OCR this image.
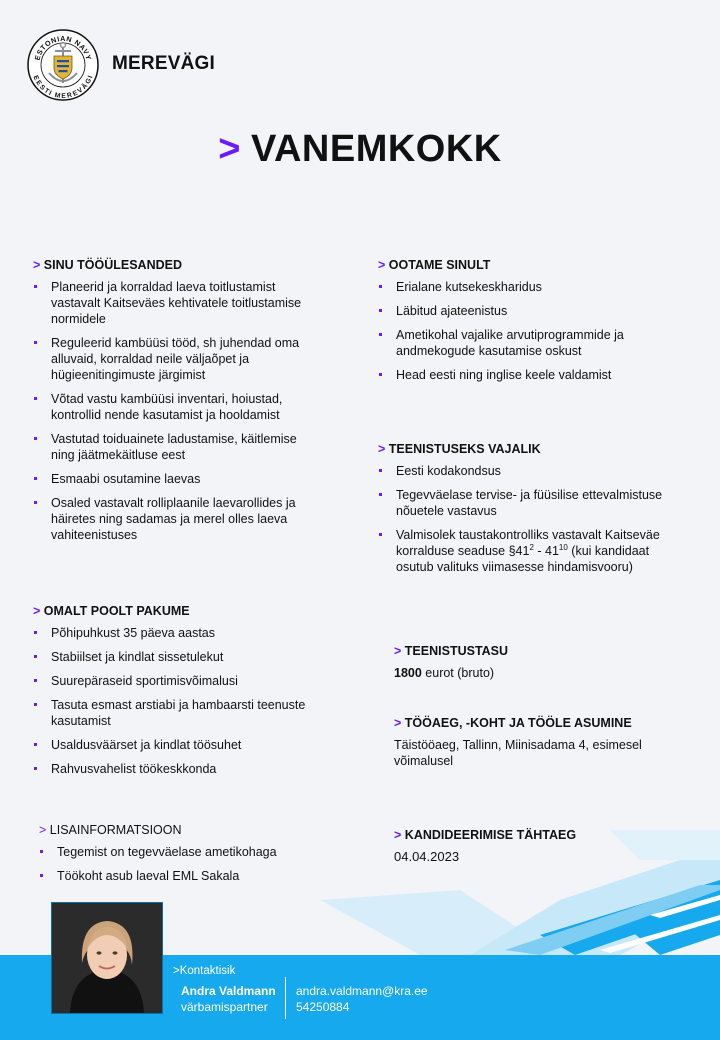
ESTONIAN NAVY
EESTI MEREVÄGI
MEREVÄGI
> VANEMKOKK
> SINU TÖÖÜLESANDED
Planeerid ja korraldad laeva toitlustamist vastavalt Kaitseväes kehtivatele toitlustamise normidele
Reguleerid kambüüsi tööd, sh juhendad oma alluvaid, korraldad neile väljaõpet ja hügieenitingimuste järgimist
Võtad vastu kambüüsi inventari, hoiustad, kontrollid nende kasutamist ja hooldamist
Vastutad toiduainete ladustamise, käitlemise ning jäätmekäitluse eest
Esmaabi osutamine laevas
Osaled vastavalt rolliplaanile laevarollides ja häiretes ning sadamas ja merel olles laeva vahiteenistuses
> OOTAME SINULT
Erialane kutsekeskharidus
Läbitud ajateenistus
Ametikohal vajalike arvutiprogrammide ja andmekogude kasutamise oskust
Head eesti ning inglise keele valdamist
> TEENISTUSEKS VAJALIK
Eesti kodakondsus
Tegevväelase tervise- ja füüsilise ettevalmistuse nõuetele vastavus
Valmisolek taustakontrolliks vastavalt Kaitseväe korralduse seaduse $\S 41^2 - 41^{10}$ (kui kandidaat osutub valituks viimasesse hindamisvooru)
> OMALT POOLT PAKUME
Põhipuhkust 35 päeva aastas
Stabiilset ja kindlat sissetulekut
Suurepäraseid sportimisvõimalusi
Tasuta esmast arstiabi ja hambaarsti teenuste kasutamist
Usaldusväärset ja kindlat töösuhet
Rahvusvahelist töökeskkonda
> TEENISTUSTASU
1800 eurot (bruto)
> TÖÖAEG, -KOHT JA TÖÖLE ASUMINE
Täistööaeg, Tallinn, Miinisadama 4, esimesel võimalusel
> LISAINFORMATSIOON
Tegemist on tegevväelase ametikohaga
Töökoht asub laeval EML Sakala
> KANDIDEERIMISE TÄHTAEG
04.04.2023
>Kontaktisik
Andra Valdmann
värbamispartner
andra.valdmann@kra.ee
54250884
